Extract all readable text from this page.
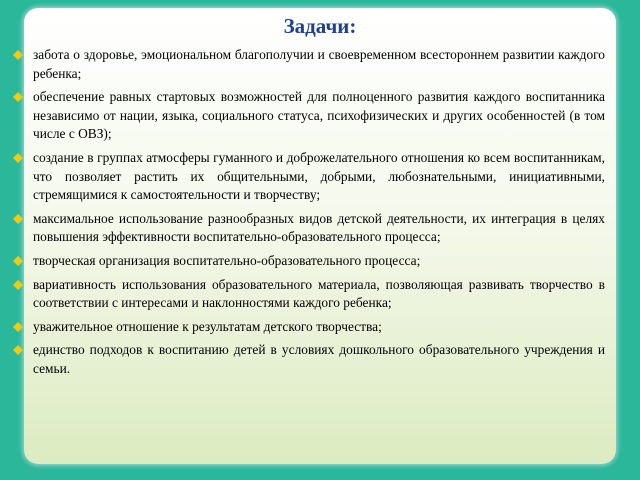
Задачи:
забота о здоровье, эмоциональном благополучии и своевременном всестороннем развитии каждого ребенка;
обеспечение равных стартовых возможностей для полноценного развития каждого воспитанника независимо от нации, языка, социального статуса, психофизических и других особенностей (в том числе с ОВЗ);
создание в группах атмосферы гуманного и доброжелательного отношения ко всем воспитанникам, что позволяет растить их общительными, добрыми, любознательными, инициативными, стремящимися к самостоятельности и творчеству;
максимальное использование разнообразных видов детской деятельности, их интеграция в целях повышения эффективности воспитательно-образовательного процесса;
творческая организация воспитательно-образовательного процесса;
вариативность использования образовательного материала, позволяющая развивать творчество в соответствии с интересами и наклонностями каждого ребенка;
уважительное отношение к результатам детского творчества;
единство подходов к воспитанию детей в условиях дошкольного образовательного учреждения и семьи.
